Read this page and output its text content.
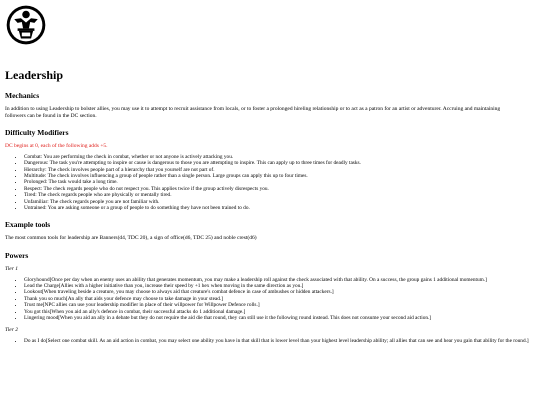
Leadership
Mechanics

In addition to using Leadership to bolster allies, you may use it to attempt to recruit assistance from locals, or to foster a prolonged hireling relationship or to act as a patron for an artist or adventurer. Accruing and maintaining followers can be found in the DC section.

Difficulty Modifiers

DC begins at 0, each of the following adds +5.

• Combat: You are performing the check in combat, whether or not anyone is actively attacking you.
• Dangerous: The task you're attempting to inspire or cause is dangerous to those you are attempting to inspire. This can apply up to three times for deadly tasks.
• Hierarchy: The check involves people part of a hierarchy that you yourself are not part of.
• Multitude: The check involves influencing a group of people rather than a single person. Large groups can apply this up to four times.
• Prolonged: The task would take a long time.
• Respect: The check regards people who do not respect you. This applies twice if the group actively disrespects you.
• Tired: The check regards people who are physically or mentally tired.
• Unfamiliar: The check regards people you are not familiar with.
• Untrained: You are asking someone or a group of people to do something they have not been trained to do.
Example tools

The most common tools for leadership are Banners(d4, TDC 20), a sign of office(d6, TDC 25) and noble crest(d6)

Powers

Tier 1

• Gloryhound[Once per day when an enemy uses an ability that generates momentum, you may make a leadership roll against the check associated with that ability. On a success, the group gains 1 additional momentum.]
• Lead the Charge[Allies with a higher initiative than you, increase their speed by +1 hex when moving in the same direction as you.]
• Lookout[When traveling beside a creature, you may choose to always aid that creature's combat defence in case of ambushes or hidden attackers.]
• Thank you so much[An ally that aids your defence may choose to take damage in your stead.]
• Trust me[NPC allies can use your leadership modifier in place of their willpower for Willpower Defence rolls.]
• You got this[When you aid an ally's defence in combat, their successful attacks do 1 additional damage.]
• Lingering mood[When you aid an ally in a debate but they do not require the aid die that round, they can still use it the following round instead. This does not consume your second aid action.]

Tier 2

• Do as I do[Select one combat skill. As an aid action in combat, you may select one ability you have in that skill that is lower level than your highest level leadership ability; all allies that can see and hear you gain that ability for the round.]
